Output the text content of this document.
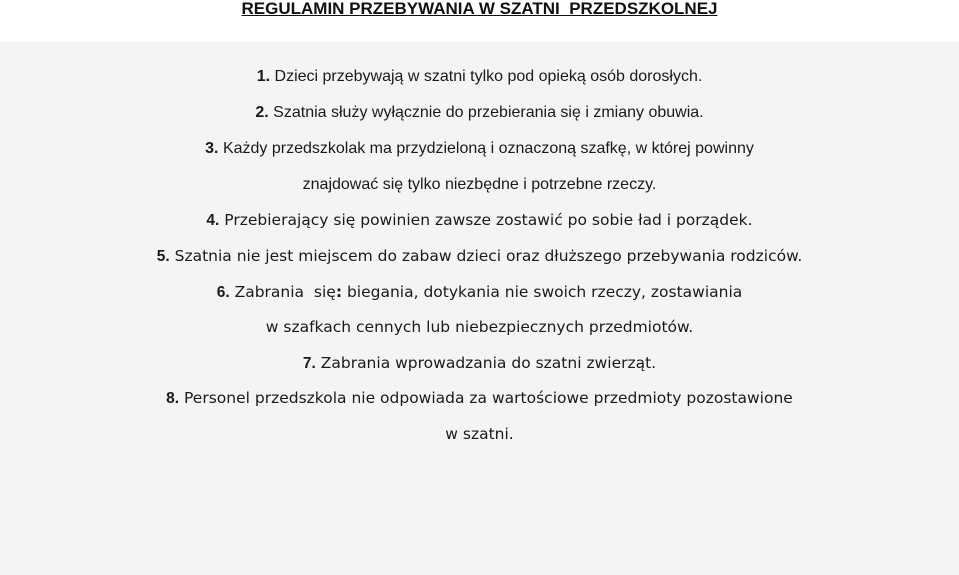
REGULAMIN PRZEBYWANIA W SZATNI  PRZEDSZKOLNEJ
1. Dzieci przebywają w szatni tylko pod opieką osób dorosłych.
2. Szatnia służy wyłącznie do przebierania się i zmiany obuwia.
3. Każdy przedszkolak ma przydzieloną i oznaczoną szafkę, w której powinny
znajdować się tylko niezbędne i potrzebne rzeczy.
4. Przebierający się powinien zawsze zostawić po sobie ład i porządek.
5. Szatnia nie jest miejscem do zabaw dzieci oraz dłuższego przebywania rodziców.
6. Zabrania  się: biegania, dotykania nie swoich rzeczy, zostawiania
w szafkach cennych lub niebezpiecznych przedmiotów.
7. Zabrania wprowadzania do szatni zwierząt.
8. Personel przedszkola nie odpowiada za wartościowe przedmioty pozostawione
w szatni.
